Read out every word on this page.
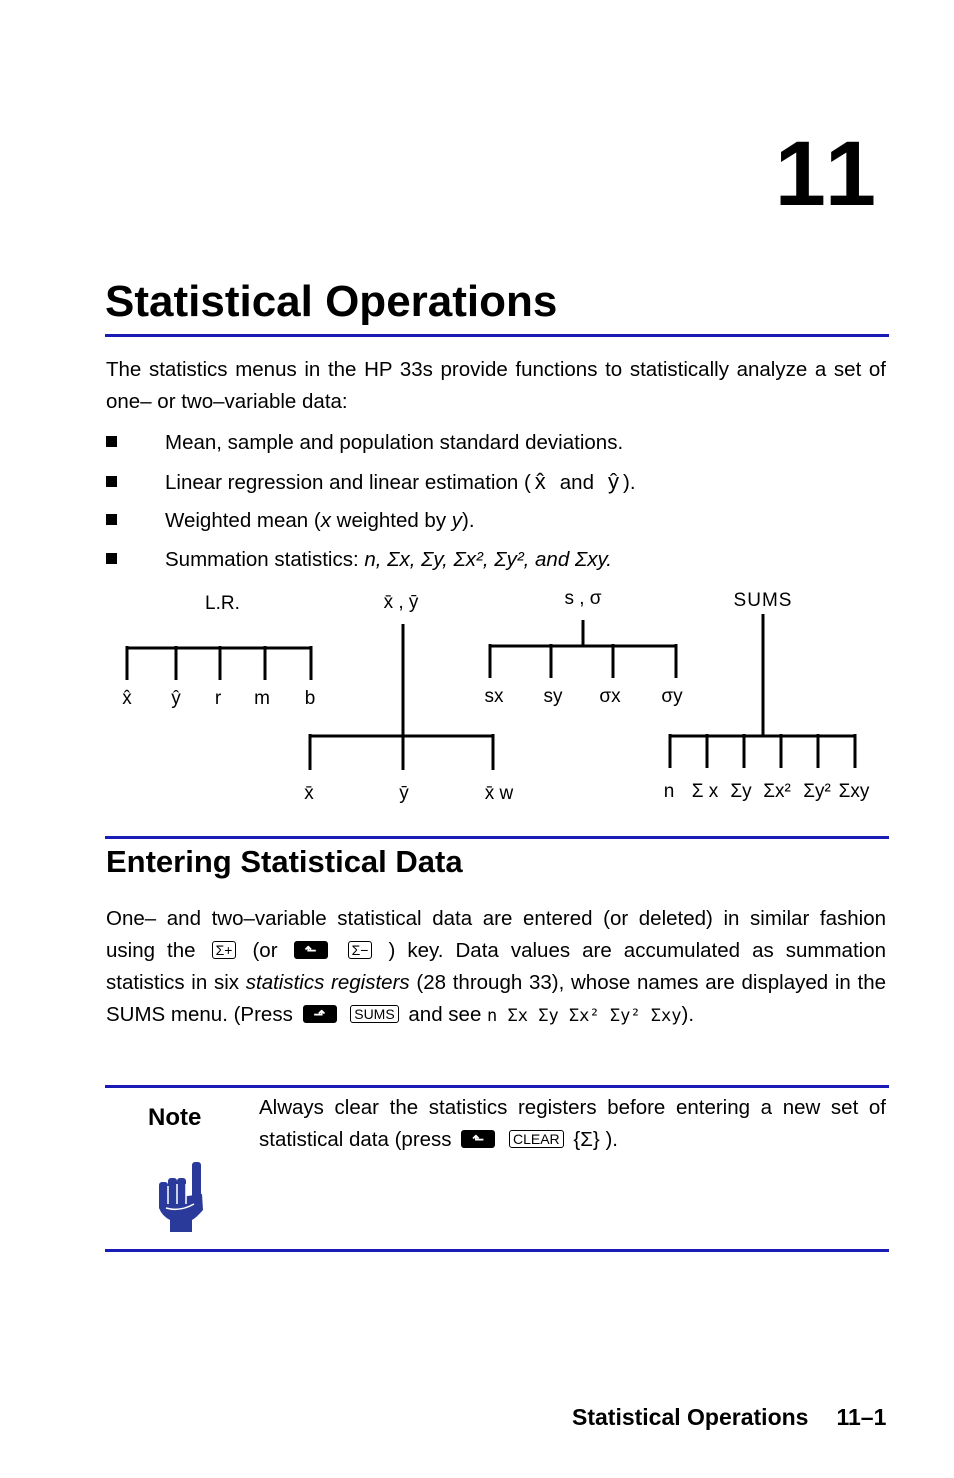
11
Statistical Operations
The statistics menus in the HP 33s provide functions to statistically analyze a set of one– or two–variable data:
Mean, sample and population standard deviations.
Linear regression and linear estimation ( x̂ and ŷ ).
Weighted mean (x weighted by y).
Summation statistics: n, Σx, Σy, Σx², Σy², and Σxy.
L.R.
x̂ ŷ r m b
x̄ , ȳ
x̄	ȳ	x̄ w
s , σ
sx sy σx σy
SUMS
n Σ x Σy Σx² Σy² Σxy
Entering Statistical Data
One– and two–variable statistical data are entered (or deleted) in similar fashion using the Σ+ (or ⬑	Σ− ) key. Data values are accumulated as summation statistics in six statistics registers (28 through 33), whose names are displayed in the SUMS menu. (Press ⬏ SUMS and see n Σx Σy Σx² Σy² Σxy).
Note	Always clear the statistics registers before entering a new set of statistical data (press ⬑ CLEAR {Σ} ).
Statistical Operations 11–1
